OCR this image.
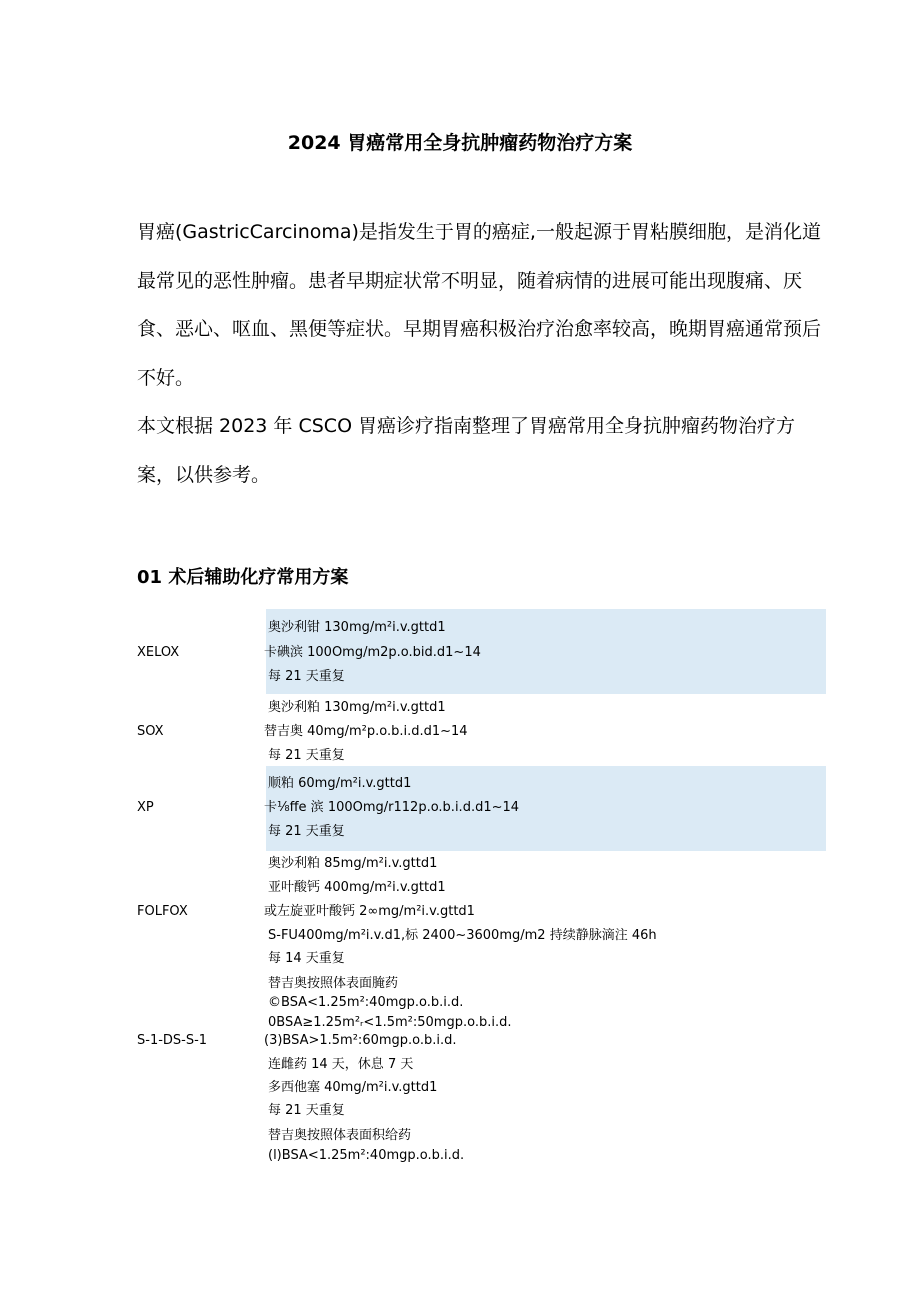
2024 胃癌常用全身抗肿瘤药物治疗方案

胃癌(GastricCarcinoma)是指发生于胃的癌症,一般起源于胃粘膜细胞，是消化道最常见的恶性肿瘤。患者早期症状常不明显，随着病情的进展可能出现腹痛、厌食、恶心、呕血、黑便等症状。早期胃癌积极治疗治愈率较高，晚期胃癌通常预后不好。

本文根据 2023 年 CSCO 胃癌诊疗指南整理了胃癌常用全身抗肿瘤药物治疗方案，以供参考。

01 术后辅助化疗常用方案
XELOX
奥沙利钳 130mg/m²i.v.gttd1
卡碘滨 100Omg/m2p.o.bid.d1~14
每 21 天重复
SOX
奥沙利粕 130mg/m²i.v.gttd1
替吉奥 40mg/m²p.o.b.i.d.d1~14
每 21 天重复
XP
顺粕 60mg/m²i.v.gttd1
卡⅛ffe 滨 100Omg/r112p.o.b.i.d.d1~14
每 21 天重复
FOLFOX
奥沙利粕 85mg/m²i.v.gttd1
亚叶酸钙 400mg/m²i.v.gttd1
或左旋亚叶酸钙 2∞mg/m²i.v.gttd1
S-FU400mg/m²i.v.d1,标 2400~3600mg/m2 持续静脉滴注 46h
每 14 天重复
S-1-DS-S-1
替吉奥按照体表面腌药
©BSA<1.25m²:40mgp.o.b.i.d.
0BSA≥1.25m²ᵣ<1.5m²:50mgp.o.b.i.d.
(3)BSA>1.5m²:60mgp.o.b.i.d.
连雌药 14 天，休息 7 天
多西他塞 40mg/m²i.v.gttd1
每 21 天重复
替吉奥按照体表面积给药
(l)BSA<1.25m²:40mgp.o.b.i.d.
